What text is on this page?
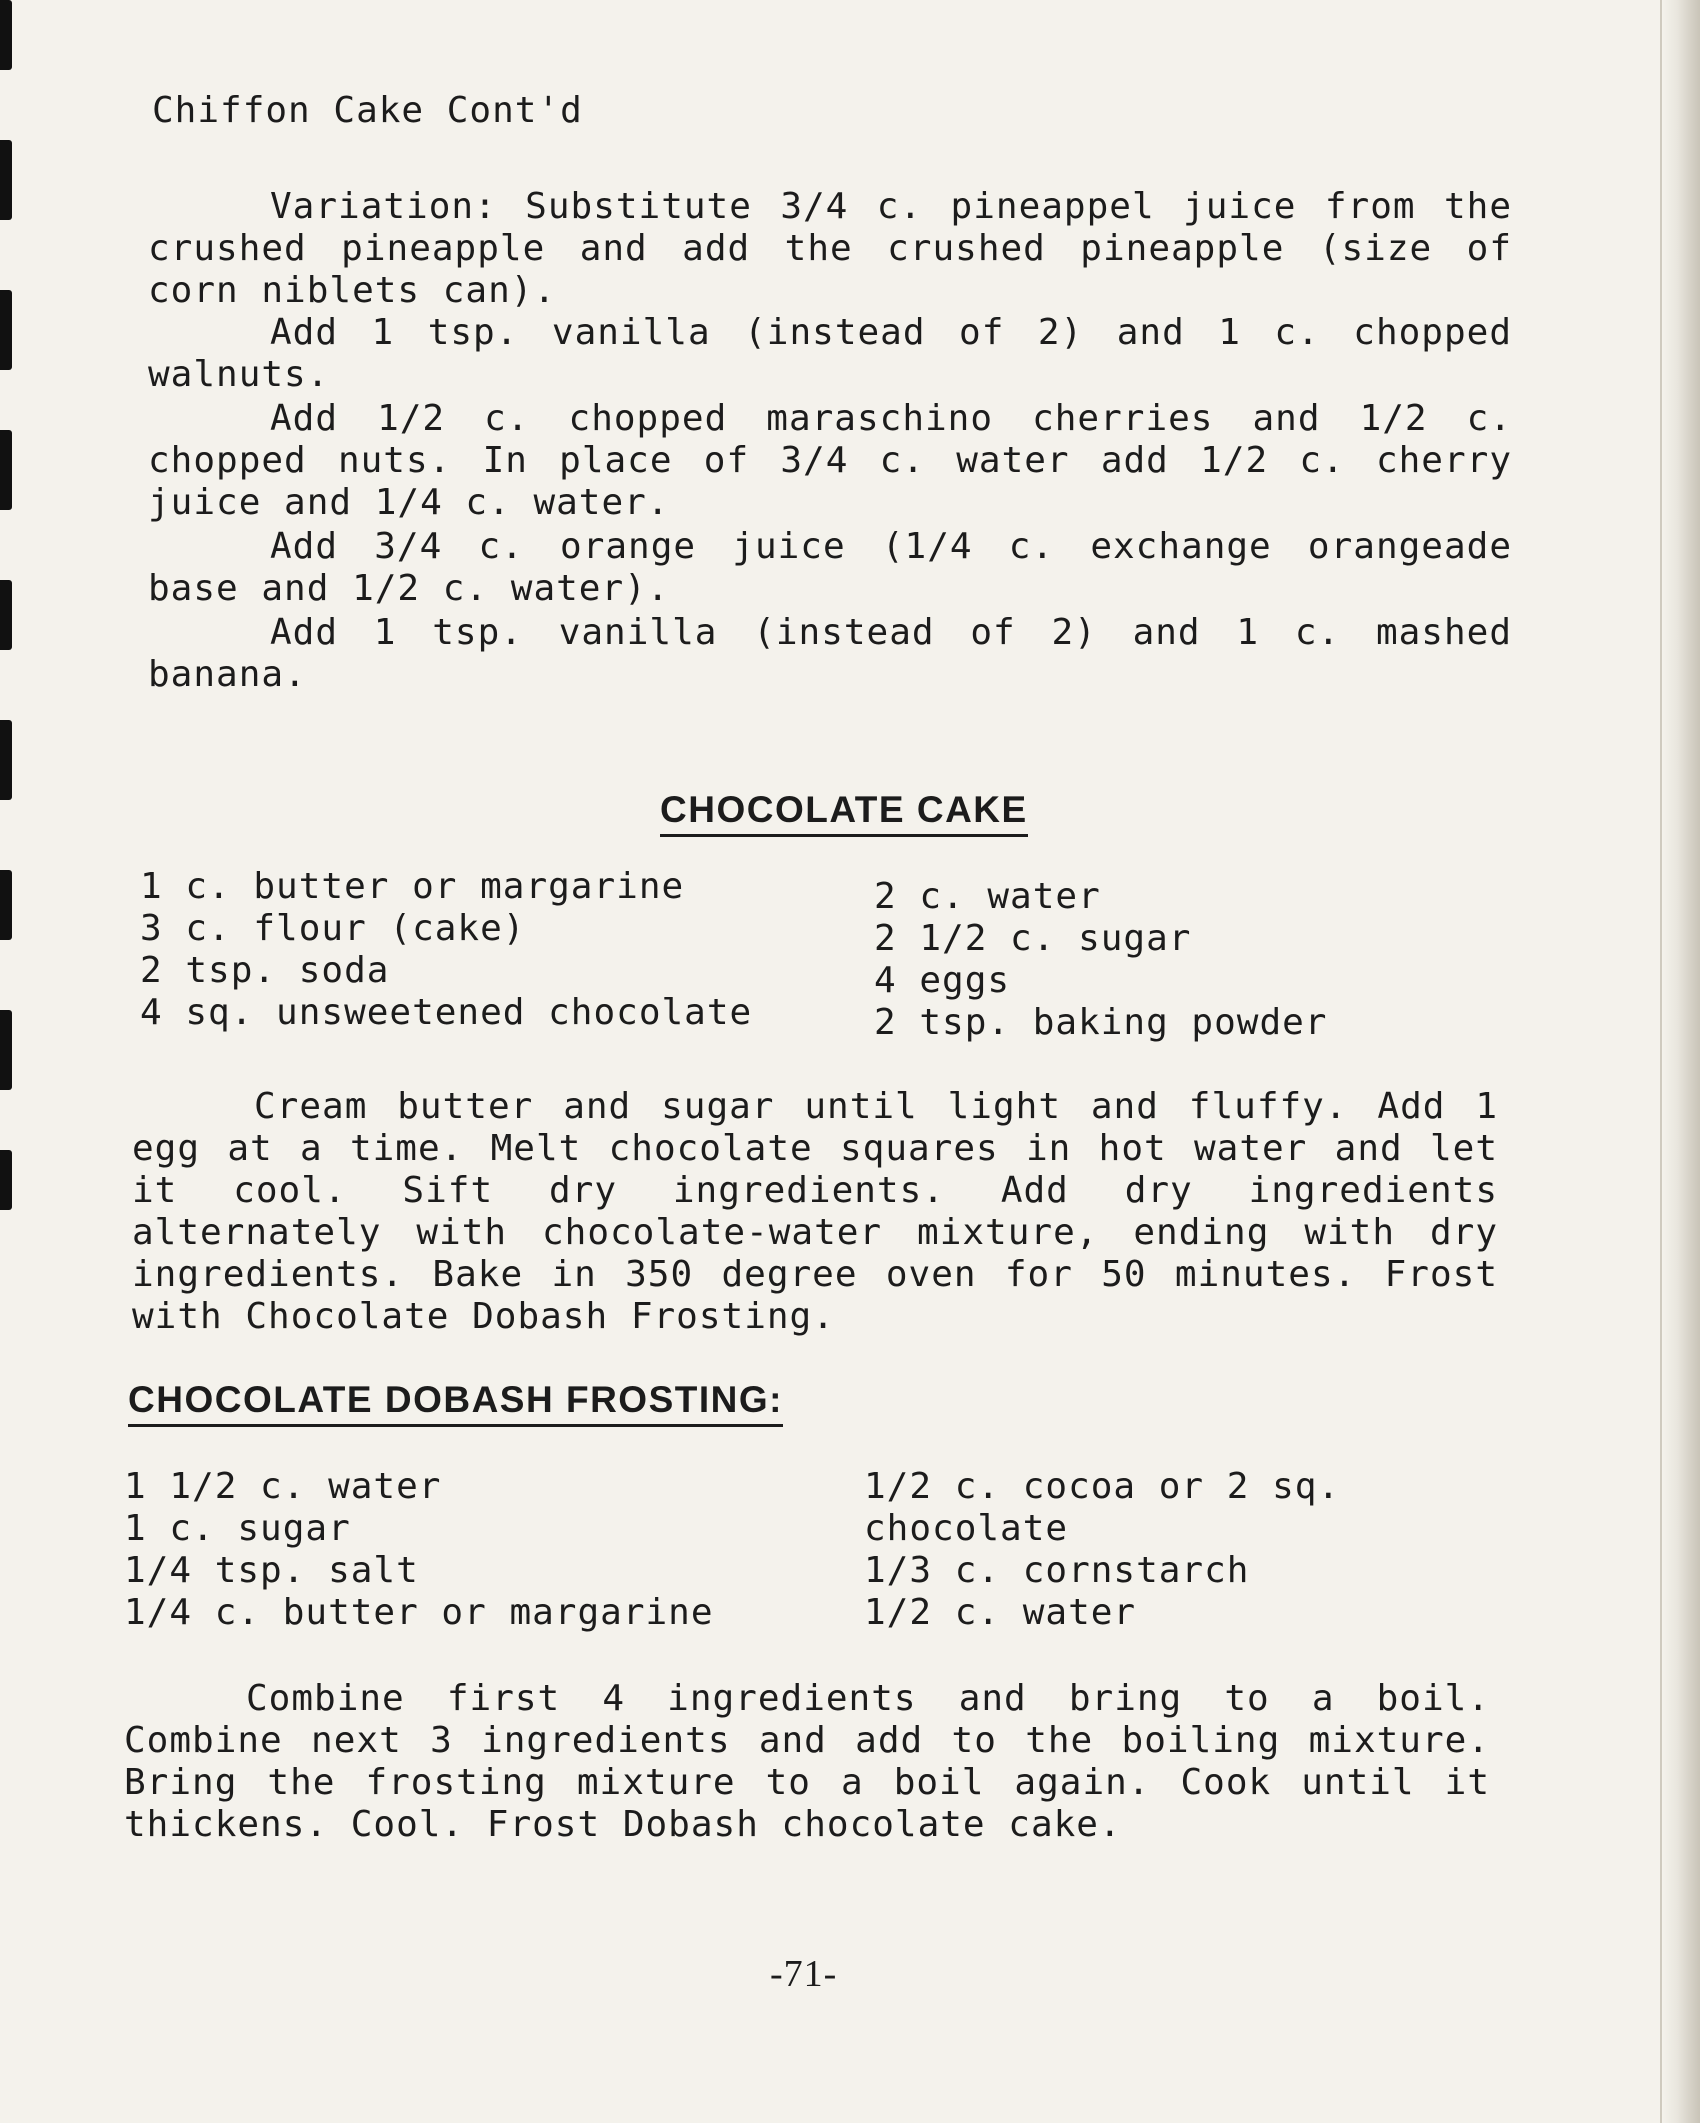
Chiffon Cake Cont'd
Variation: Substitute 3/4 c. pineappel juice from the crushed pineapple and add the crushed pineapple (size of corn niblets can).
Add 1 tsp. vanilla (instead of 2) and 1 c. chopped walnuts.
Add 1/2 c. chopped maraschino cherries and 1/2 c. chopped nuts. In place of 3/4 c. water add 1/2 c. cherry juice and 1/4 c. water.
Add 3/4 c. orange juice (1/4 c. exchange orangeade base and 1/2 c. water).
Add 1 tsp. vanilla (instead of 2) and 1 c. mashed banana.
CHOCOLATE CAKE
1 c. butter or margarine
3 c. flour (cake)
2 tsp. soda
4 sq. unsweetened chocolate
2 c. water
2 1/2 c. sugar
4 eggs
2 tsp. baking powder
Cream butter and sugar until light and fluffy. Add 1 egg at a time. Melt chocolate squares in hot water and let it cool. Sift dry ingredients. Add dry ingredients alternately with chocolate-water mixture, ending with dry ingredients. Bake in 350 degree oven for 50 minutes. Frost with Chocolate Dobash Frosting.
CHOCOLATE DOBASH FROSTING:
1 1/2 c. water
1 c. sugar
1/4 tsp. salt
1/4 c. butter or margarine
1/2 c. cocoa or 2 sq.
chocolate
1/3 c. cornstarch
1/2 c. water
Combine first 4 ingredients and bring to a boil. Combine next 3 ingredients and add to the boiling mixture. Bring the frosting mixture to a boil again. Cook until it thickens. Cool. Frost Dobash chocolate cake.
-71-
